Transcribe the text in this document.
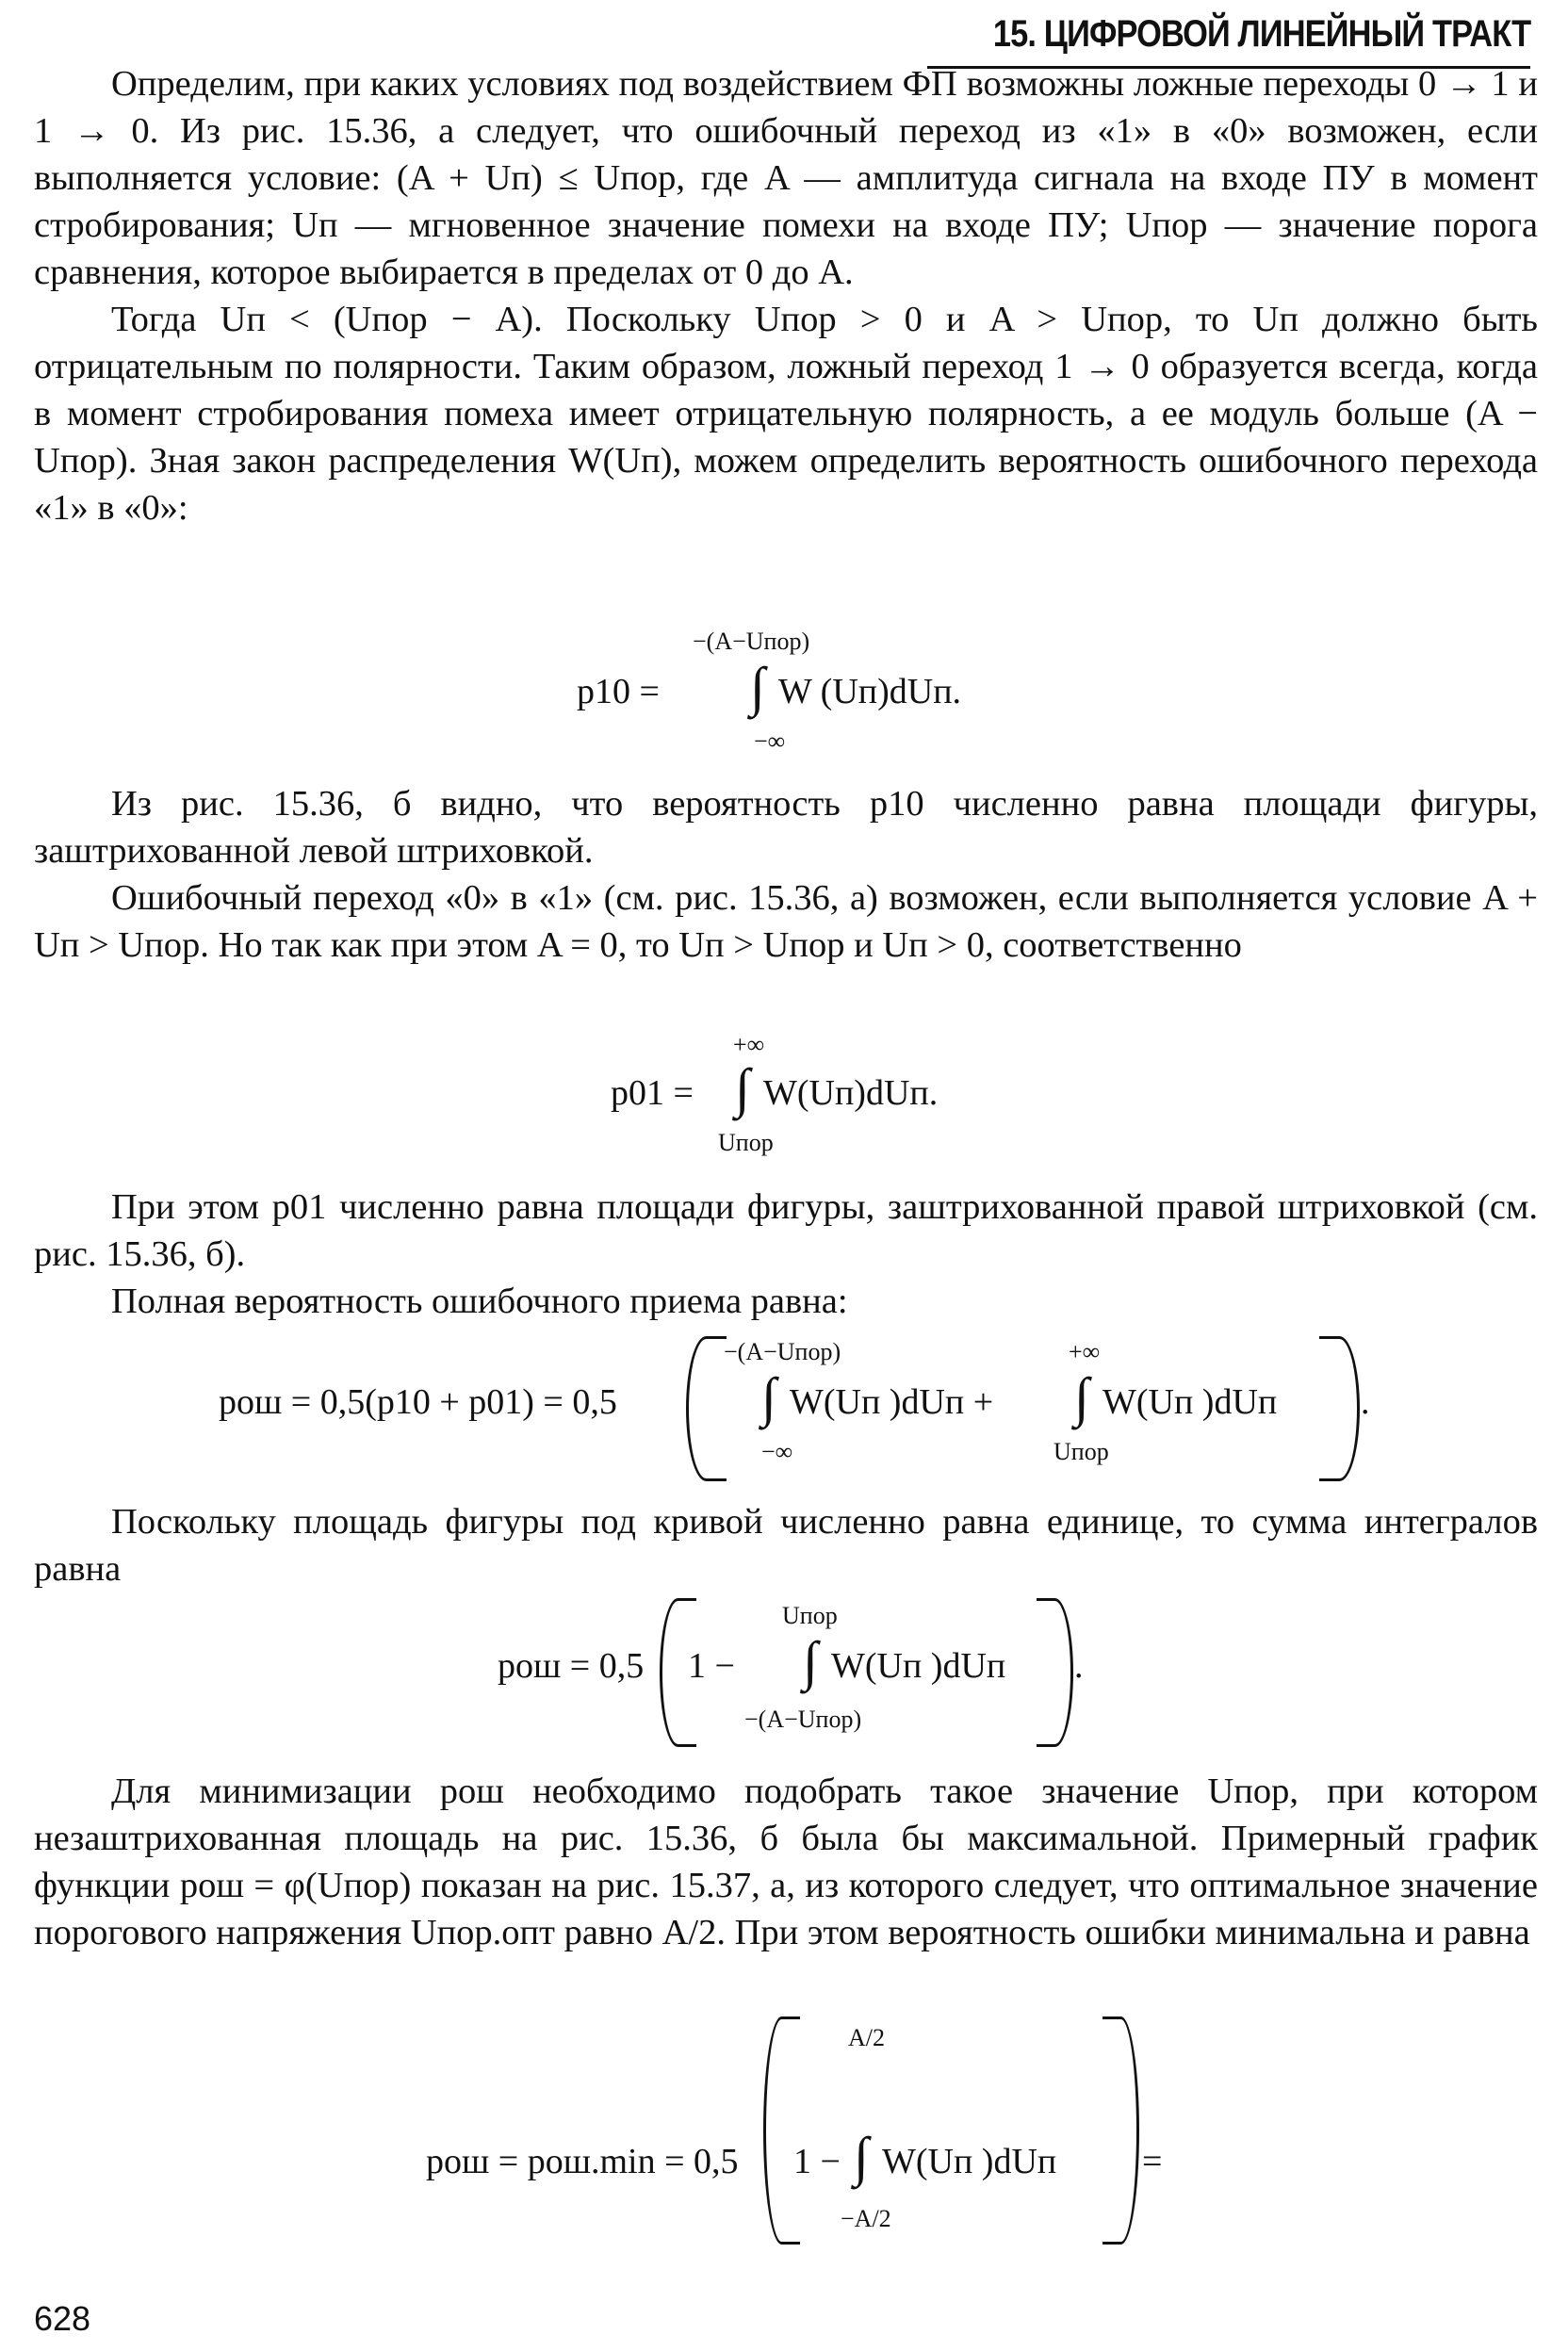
15. ЦИФРОВОЙ ЛИНЕЙНЫЙ ТРАКТ

Определим, при каких условиях под воздействием ФП возможны ложные переходы 0 → 1 и 1 → 0. Из рис. 15.36, а следует, что ошибочный переход из «1» в «0» возможен, если выполняется условие: (A + Uп) ≤ Uпор, где A — амплитуда сигнала на входе ПУ в момент стробирования; Uп — мгновенное значение помехи на входе ПУ; Uпор — значение порога сравнения, которое выбирается в пределах от 0 до A.

Тогда Uп < (Uпор − А). Поскольку Uпор > 0 и A > Uпор, то Uп должно быть отрицательным по полярности. Таким образом, ложный переход 1 → 0 образуется всегда, когда в момент стробирования помеха имеет отрицательную полярность, а ее модуль больше (A − Uпор). Зная закон распределения W(Uп), можем определить вероятность ошибочного перехода «1» в «0»:

−(A−Uпор)
p10 = ∫ W (Uп)dUп.
−∞

Из рис. 15.36, б видно, что вероятность p10 численно равна площади фигуры, заштрихованной левой штриховкой.

Ошибочный переход «0» в «1» (см. рис. 15.36, а) возможен, если выполняется условие A + Uп > Uпор. Но так как при этом A = 0, то Uп > Uпор и Uп > 0, соответственно

+∞
p01 = ∫ W(Uп)dUп.
Uпор

При этом p01 численно равна площади фигуры, заштрихованной правой штриховкой (см. рис. 15.36, б).

Полная вероятность ошибочного приема равна:

pош = 0,5(p10 + p01) = 0,5
−(A−Uпор)
∫ W(Uп )dUп +
−∞
+∞
∫ W(Uп )dUп
Uпор
.

Поскольку площадь фигуры под кривой численно равна единице, то сумма интегралов равна

pош = 0,5 1 −
Uпор
∫ W(Uп )dUп
−(A−Uпор)
.

Для минимизации pош необходимо подобрать такое значение Uпор, при котором незаштрихованная площадь на рис. 15.36, б была бы максимальной. Примерный график функции pош = φ(Uпор) показан на рис. 15.37, а, из которого следует, что оптимальное значение порогового напряжения Uпор.опт равно A/2. При этом вероятность ошибки минимальна и равна

pош = pош.min = 0,5 1 −
A/2
∫ W(Uп )dUп
−A/2
=
628
